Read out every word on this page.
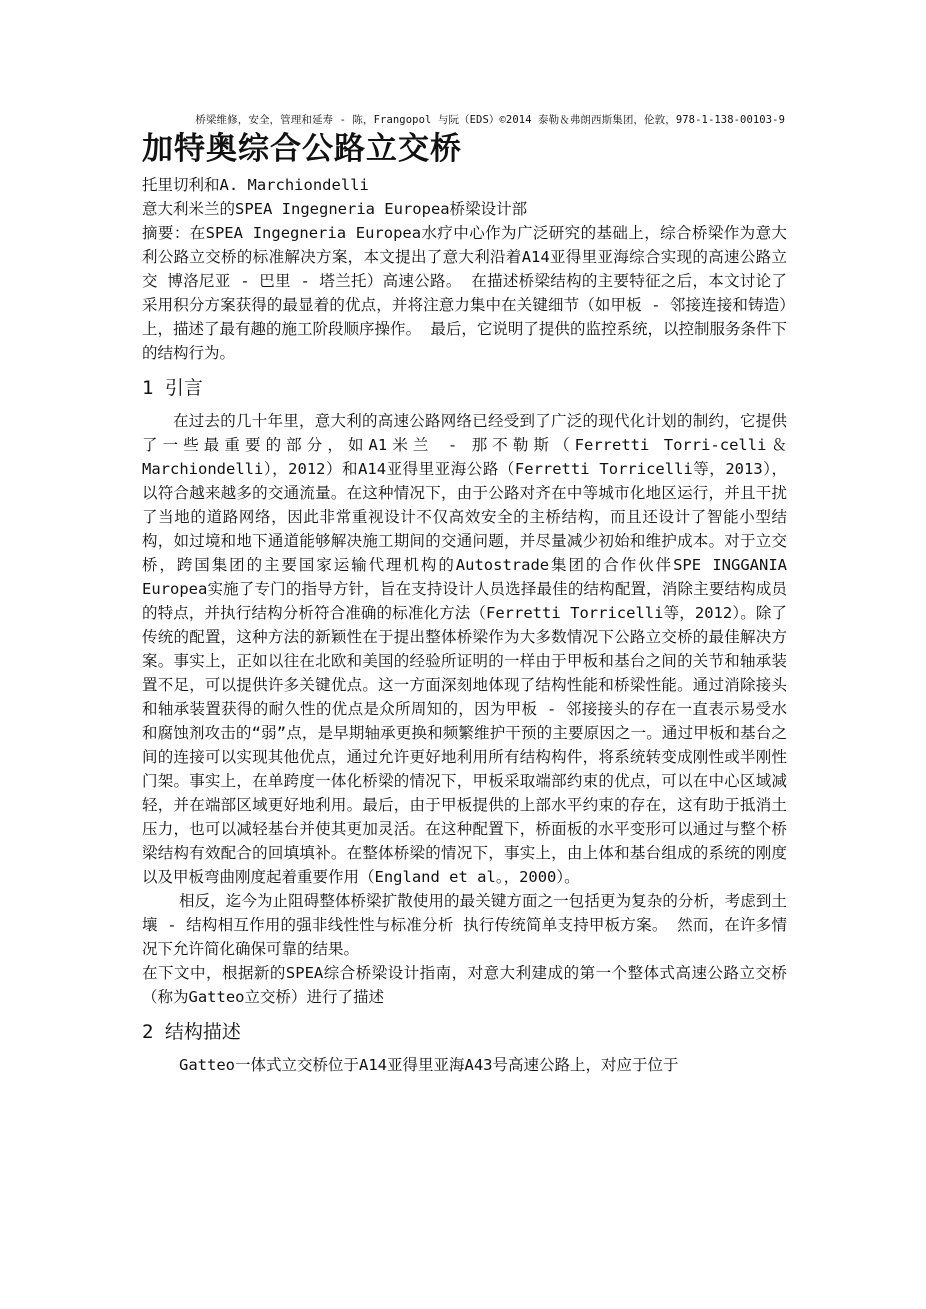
桥梁维修，安全，管理和延寿 - 陈，Frangopol 与阮（EDS）©2014 泰勒＆弗朗西斯集团，伦敦，978-1-138-00103-9
加特奥综合公路立交桥
托里切利和A. Marchiondelli
意大利米兰的SPEA Ingegneria Europea桥梁设计部
摘要：在SPEA Ingegneria Europea水疗中心作为广泛研究的基础上，综合桥梁作为意大利公路立交桥的标准解决方案，本文提出了意大利沿着A14亚得里亚海综合实现的高速公路立交 博洛尼亚 - 巴里 - 塔兰托）高速公路。 在描述桥梁结构的主要特征之后，本文讨论了采用积分方案获得的最显着的优点，并将注意力集中在关键细节（如甲板 - 邻接连接和铸造）上，描述了最有趣的施工阶段顺序操作。 最后，它说明了提供的监控系统，以控制服务条件下的结构行为。
1 引言

在过去的几十年里，意大利的高速公路网络已经受到了广泛的现代化计划的制约，它提供了一些最重要的部分，如A1米兰 - 那不勒斯（Ferretti Torri-celli＆Marchiondelli），2012）和A14亚得里亚海公路（Ferretti Torricelli等，2013），以符合越来越多的交通流量。在这种情况下，由于公路对齐在中等城市化地区运行，并且干扰了当地的道路网络，因此非常重视设计不仅高效安全的主桥结构，而且还设计了智能小型结构，如过境和地下通道能够解决施工期间的交通问题，并尽量减少初始和维护成本。对于立交桥，跨国集团的主要国家运输代理机构的Autostrade集团的合作伙伴SPE INGGANIA Europea实施了专门的指导方针，旨在支持设计人员选择最佳的结构配置，消除主要结构成员的特点，并执行结构分析符合准确的标准化方法（Ferretti Torricelli等，2012）。除了传统的配置，这种方法的新颖性在于提出整体桥梁作为大多数情况下公路立交桥的最佳解决方案。事实上，正如以往在北欧和美国的经验所证明的一样由于甲板和基台之间的关节和轴承装置不足，可以提供许多关键优点。这一方面深刻地体现了结构性能和桥梁性能。通过消除接头和轴承装置获得的耐久性的优点是众所周知的，因为甲板 - 邻接接头的存在一直表示易受水和腐蚀剂攻击的“弱”点，是早期轴承更换和频繁维护干预的主要原因之一。通过甲板和基台之间的连接可以实现其他优点，通过允许更好地利用所有结构构件，将系统转变成刚性或半刚性门架。事实上，在单跨度一体化桥梁的情况下，甲板采取端部约束的优点，可以在中心区域减轻，并在端部区域更好地利用。最后，由于甲板提供的上部水平约束的存在，这有助于抵消土压力，也可以减轻基台并使其更加灵活。在这种配置下，桥面板的水平变形可以通过与整个桥梁结构有效配合的回填填补。在整体桥梁的情况下，事实上，由上体和基台组成的系统的刚度以及甲板弯曲刚度起着重要作用（England et al。，2000）。

相反，迄今为止阻碍整体桥梁扩散使用的最关键方面之一包括更为复杂的分析，考虑到土壤 - 结构相互作用的强非线性性与标准分析 执行传统简单支持甲板方案。 然而，在许多情况下允许简化确保可靠的结果。

在下文中，根据新的SPEA综合桥梁设计指南，对意大利建成的第一个整体式高速公路立交桥（称为Gatteo立交桥）进行了描述

2 结构描述

Gatteo一体式立交桥位于A14亚得里亚海A43号高速公路上，对应于位于
